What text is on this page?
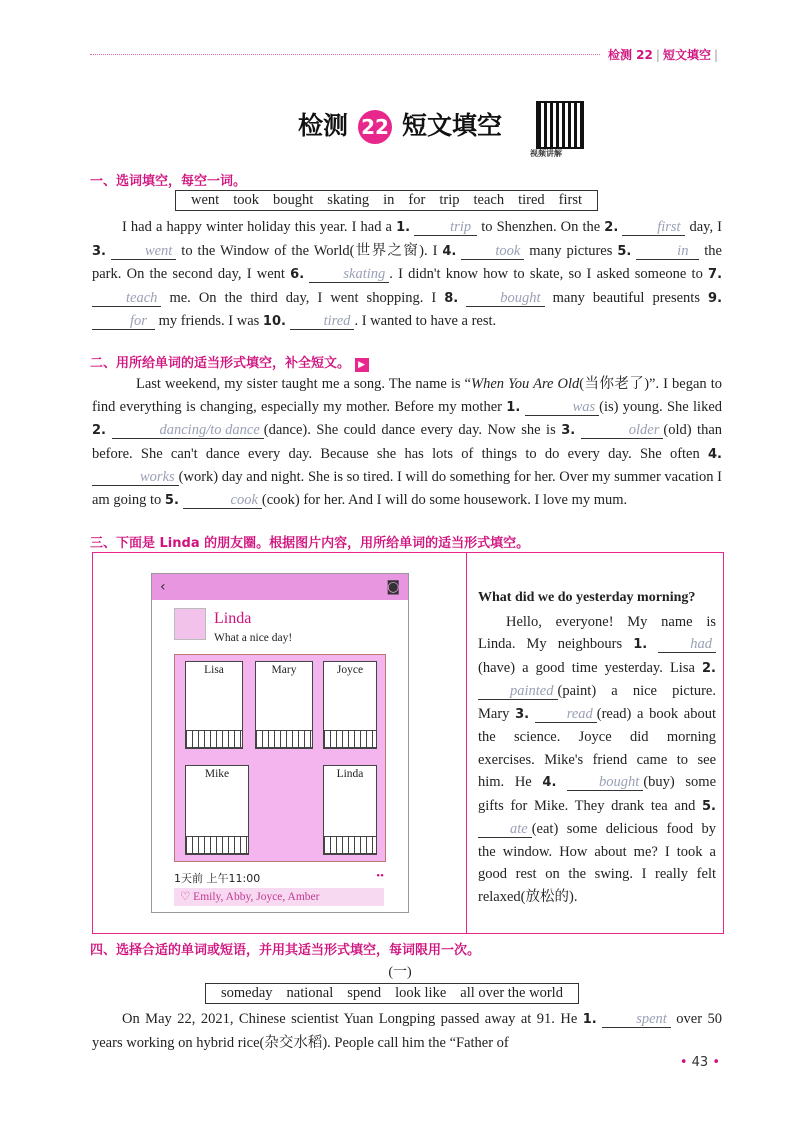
检测 22 | 短文填空 |
检测 22 短文填空
视频讲解
一、选词填空，每空一词。
went took bought skating in for trip teach tired first
I had a happy winter holiday this year. I had a 1.	trip to Shenzhen. On the 2.	first day, I 3.	went to the Window of the World(世界之窗). I 4.	took many pictures 5.	in the park. On the second day, I went 6.	skating . I didn't know how to skate, so I asked someone to 7. teach me. On the third day, I went shopping. I 8.	bought many beautiful presents 9. for my friends. I was 10.	tired . I wanted to have a rest.
二、用所给单词的适当形式填空，补全短文。 ▶
Last weekend, my sister taught me a song. The name is “When You Are Old(当你老了)”. I began to find everything is changing, especially my mother. Before my mother 1.	was (is) young. She liked 2.	dancing/to dance (dance). She could dance every day. Now she is 3.	older (old) than before. She can't dance every day. Because she has lots of things to do every day. She often 4. works (work) day and night. She is so tired. I will do something for her. Over my summer vacation I am going to 5.	cook (cook) for her. And I will do some housework. I love my mum.
三、下面是 Linda 的朋友圈。根据图片内容，用所给单词的适当形式填空。
‹	◙
Linda
What a nice day!
Lisa	Mary	Joyce
Mike	Linda
1天前 上午11:00	••
♡ Emily, Abby, Joyce, Amber
What did we do yesterday morning?
Hello, everyone! My name is Linda. My neighbours 1.	had(have) a good time yesterday. Lisa 2. painted (paint) a nice picture. Mary 3.	read (read) a book about the science. Joyce did morning exercises. Mike's friend came to see him. He 4.	bought (buy) some gifts for Mike. They drank tea and 5. ate (eat) some delicious food by the window. How about me? I took a good rest on the swing. I really felt relaxed(放松的).
四、选择合适的单词或短语，并用其适当形式填空，每词限用一次。
(一)
someday national spend look like all over the world
On May 22, 2021, Chinese scientist Yuan Longping passed away at 91. He 1.	spent over 50 years working on hybrid rice(杂交水稻). People call him the “Father of
• 43 •
